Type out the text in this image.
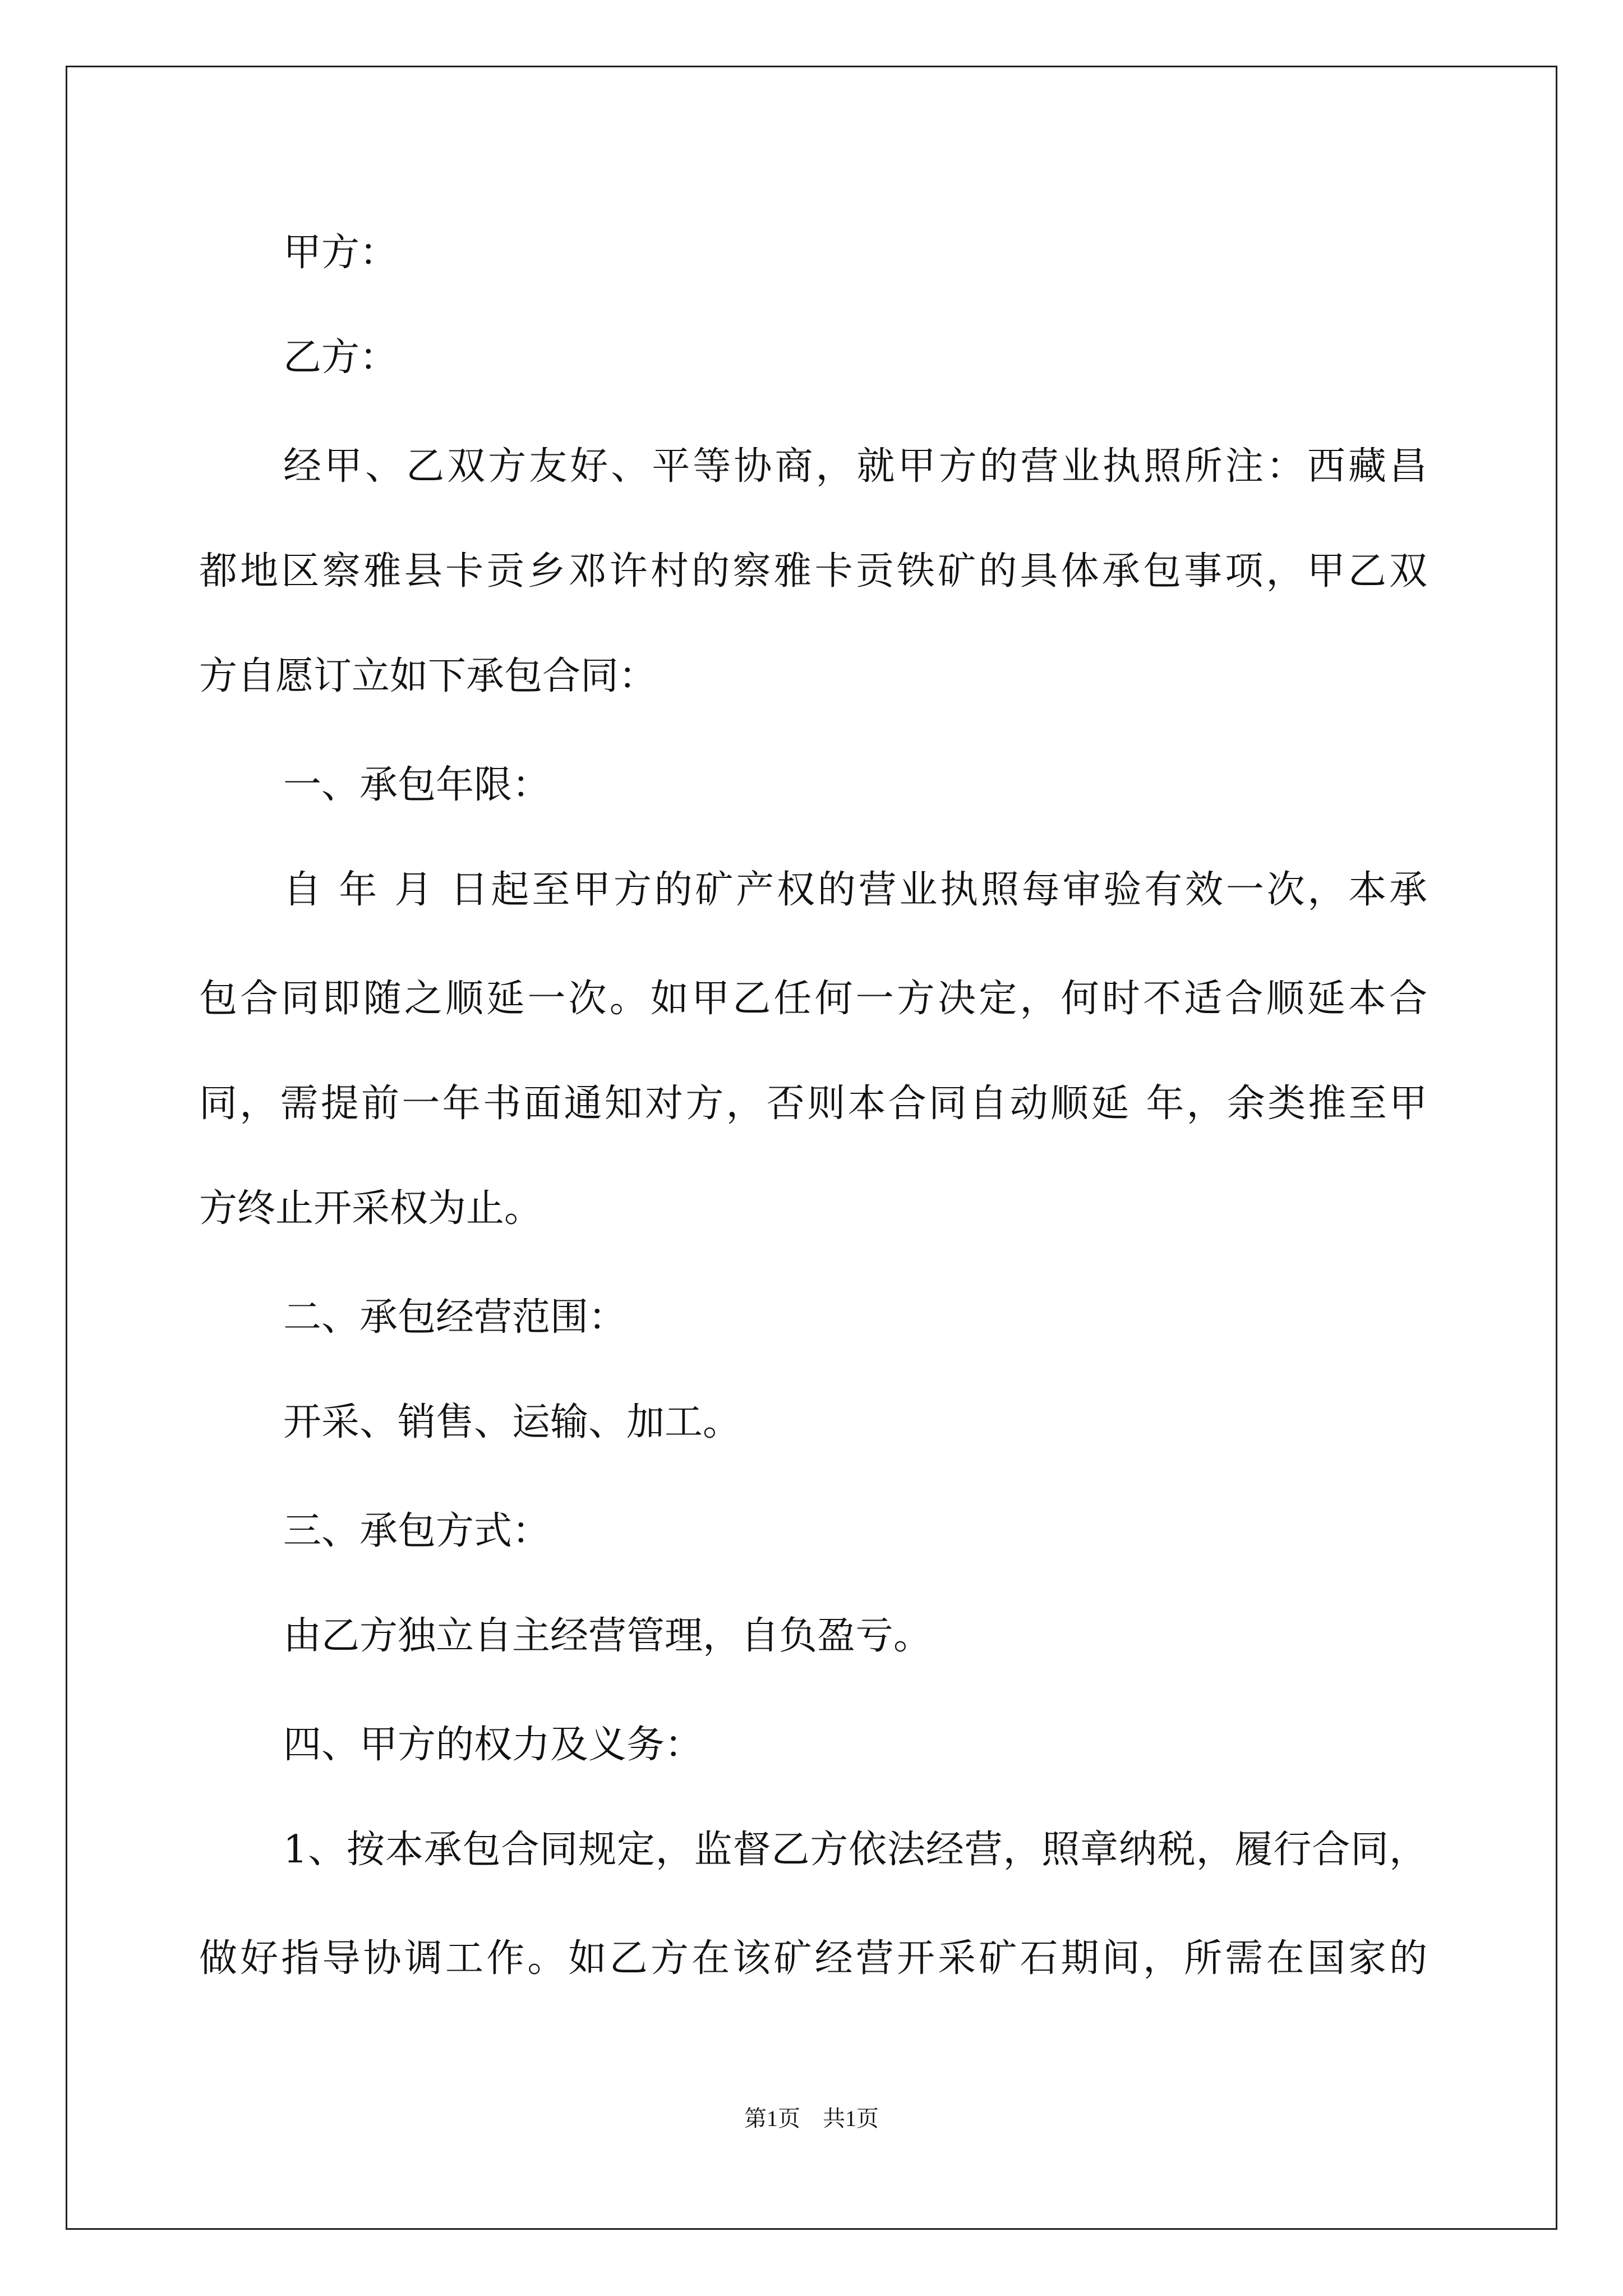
甲方：
乙方：
经甲、乙双方友好、平等协商，就甲方的营业执照所注：西藏昌
都地区察雅县卡贡乡邓许村的察雅卡贡铁矿的具体承包事项，甲乙双
方自愿订立如下承包合同：
一、承包年限：
自 年 月 日起至甲方的矿产权的营业执照每审验有效一次，本承
包合同即随之顺延一次。如甲乙任何一方决定，何时不适合顺延本合
同，需提前一年书面通知对方，否则本合同自动顺延 年，余类推至甲
方终止开采权为止。
二、承包经营范围：
开采、销售、运输、加工。
三、承包方式：
由乙方独立自主经营管理，自负盈亏。
四、甲方的权力及义务：
1、按本承包合同规定，监督乙方依法经营，照章纳税，履行合同，
做好指导协调工作。如乙方在该矿经营开采矿石期间，所需在国家的
第1页　共1页
